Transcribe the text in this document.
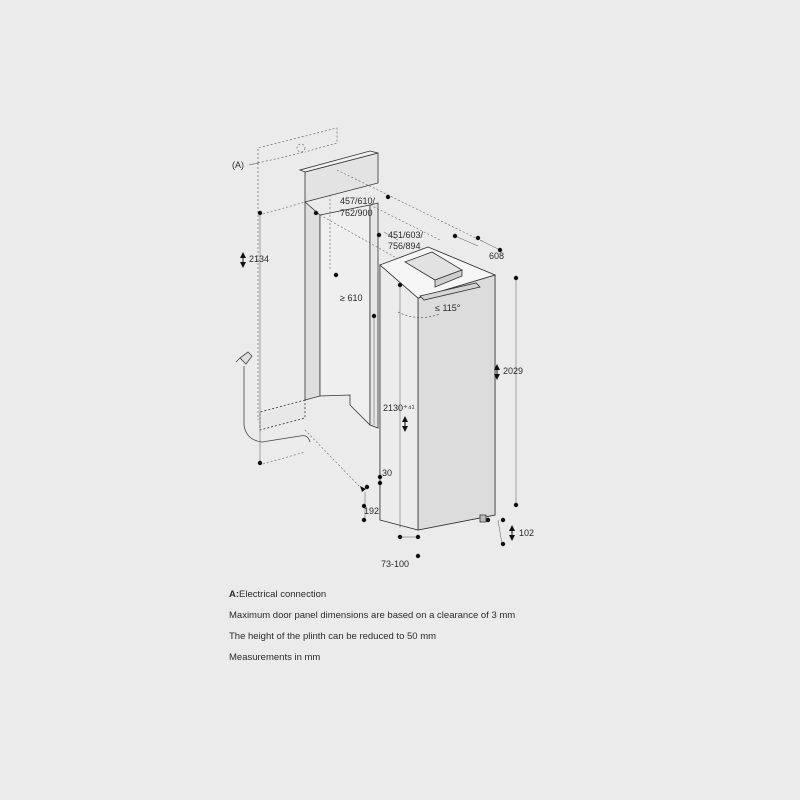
(A)
457/610/
762/900
451/603/
756/894
608
2134
≥ 610
≤ 115°
2029
2130⁺⁴¹
30
192
102
73-100
A:Electrical connection
Maximum door panel dimensions are based on a clearance of 3 mm
The height of the plinth can be reduced to 50 mm
Measurements in mm
